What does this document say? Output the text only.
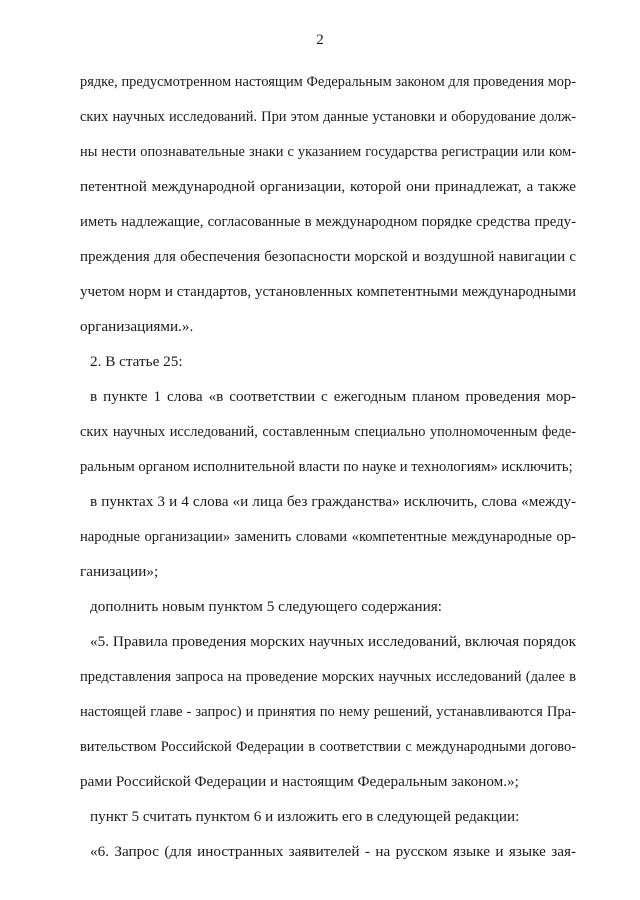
2
рядке, предусмотренном настоящим Федеральным законом для проведения мор-
ских научных исследований. При этом данные установки и оборудование долж-
ны нести опознавательные знаки с указанием государства регистрации или ком-
петентной международной организации, которой они принадлежат, а также
иметь надлежащие, согласованные в международном порядке средства преду-
преждения для обеспечения безопасности морской и воздушной навигации с
учетом норм и стандартов, установленных компетентными международными
организациями.».
2. В статье 25:
в пункте 1 слова «в соответствии с ежегодным планом проведения мор-
ских научных исследований, составленным специально уполномоченным феде-
ральным органом исполнительной власти по науке и технологиям» исключить;
в пунктах 3 и 4 слова «и лица без гражданства» исключить, слова «между-
народные организации» заменить словами «компетентные международные ор-
ганизации»;
дополнить новым пунктом 5 следующего содержания:
«5. Правила проведения морских научных исследований, включая порядок
представления запроса на проведение морских научных исследований (далее в
настоящей главе - запрос) и принятия по нему решений, устанавливаются Пра-
вительством Российской Федерации в соответствии с международными догово-
рами Российской Федерации и настоящим Федеральным законом.»;
пункт 5 считать пунктом 6 и изложить его в следующей редакции:
«6. Запрос (для иностранных заявителей - на русском языке и языке зая-
